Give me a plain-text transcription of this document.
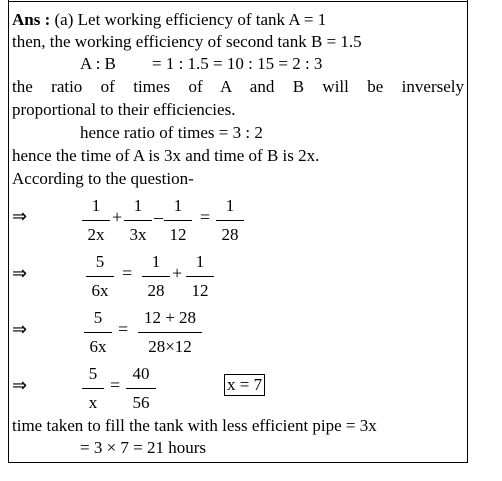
Ans : (a) Let working efficiency of tank A = 1
then, the working efficiency of second tank B = 1.5
A : B = 1 : 1.5 = 10 : 15 = 2 : 3
the ratio of times of A and B will be inversely
proportional to their efficiencies.
hence ratio of times = 3 : 2
hence the time of A is 3x and time of B is 2x.
According to the question-
⇒
1
2x
+
1
3x
–
1
12
=
1
28
⇒
5
6x
=
1
28
+
1
12
⇒
5
6x
=
12 + 28
28×12
⇒
5
x
=
40
56
x = 7
time taken to fill the tank with less efficient pipe = 3x
= 3 × 7 = 21 hours
